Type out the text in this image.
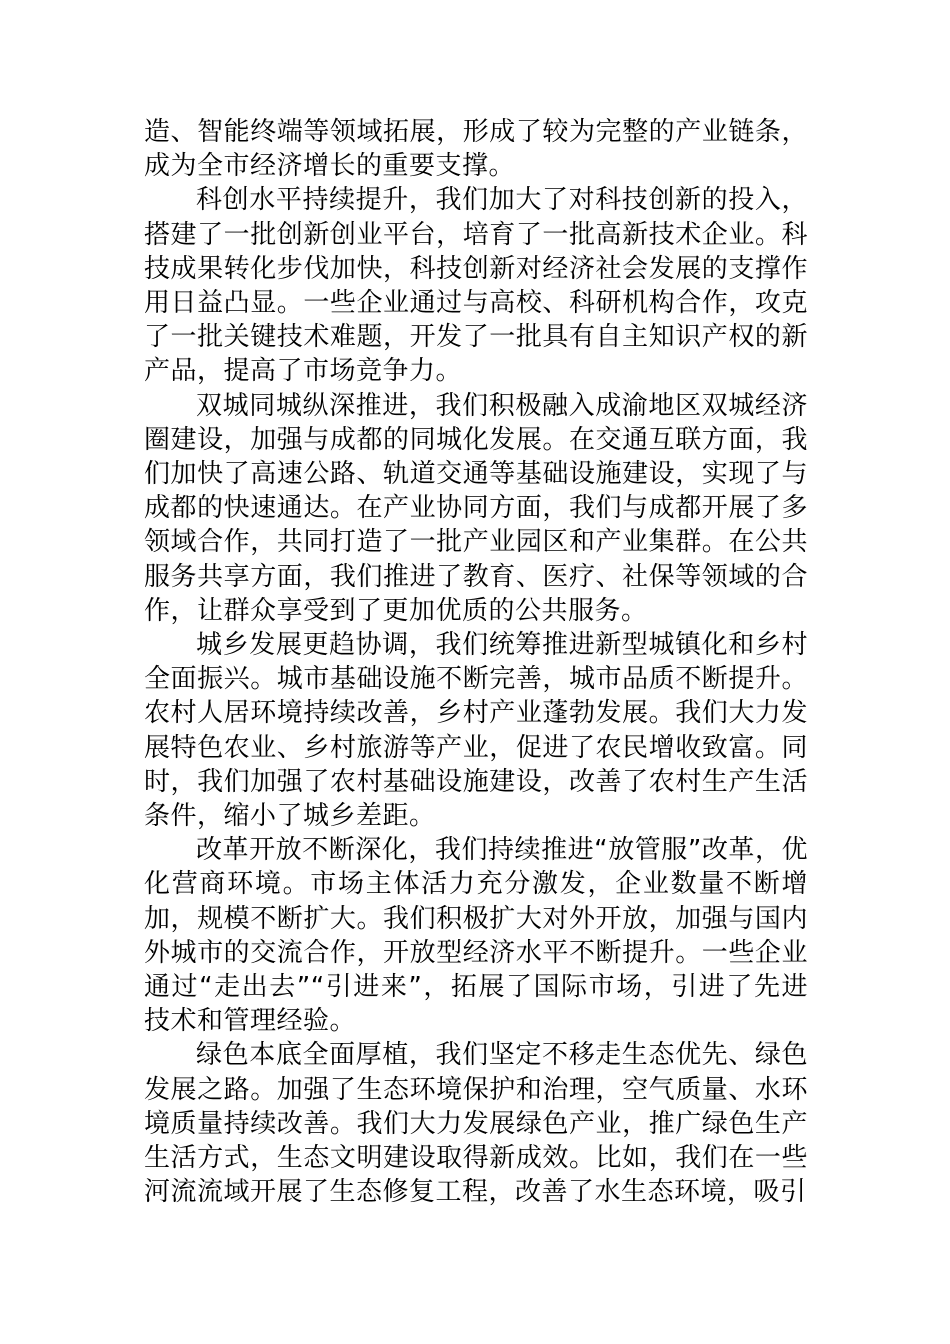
造、智能终端等领域拓展，形成了较为完整的产业链条，成为全市经济增长的重要支撑。

科创水平持续提升，我们加大了对科技创新的投入，搭建了一批创新创业平台，培育了一批高新技术企业。科技成果转化步伐加快，科技创新对经济社会发展的支撑作用日益凸显。一些企业通过与高校、科研机构合作，攻克了一批关键技术难题，开发了一批具有自主知识产权的新产品，提高了市场竞争力。

双城同城纵深推进，我们积极融入成渝地区双城经济圈建设，加强与成都的同城化发展。在交通互联方面，我们加快了高速公路、轨道交通等基础设施建设，实现了与成都的快速通达。在产业协同方面，我们与成都开展了多领域合作，共同打造了一批产业园区和产业集群。在公共服务共享方面，我们推进了教育、医疗、社保等领域的合作，让群众享受到了更加优质的公共服务。

城乡发展更趋协调，我们统筹推进新型城镇化和乡村全面振兴。城市基础设施不断完善，城市品质不断提升。农村人居环境持续改善，乡村产业蓬勃发展。我们大力发展特色农业、乡村旅游等产业，促进了农民增收致富。同时，我们加强了农村基础设施建设，改善了农村生产生活条件，缩小了城乡差距。

改革开放不断深化，我们持续推进“放管服”改革，优化营商环境。市场主体活力充分激发，企业数量不断增加，规模不断扩大。我们积极扩大对外开放，加强与国内外城市的交流合作，开放型经济水平不断提升。一些企业通过“走出去”“引进来”，拓展了国际市场，引进了先进技术和管理经验。

绿色本底全面厚植，我们坚定不移走生态优先、绿色发展之路。加强了生态环境保护和治理，空气质量、水环境质量持续改善。我们大力发展绿色产业，推广绿色生产生活方式，生态文明建设取得新成效。比如，我们在一些河流流域开展了生态修复工程，改善了水生态环境，吸引
